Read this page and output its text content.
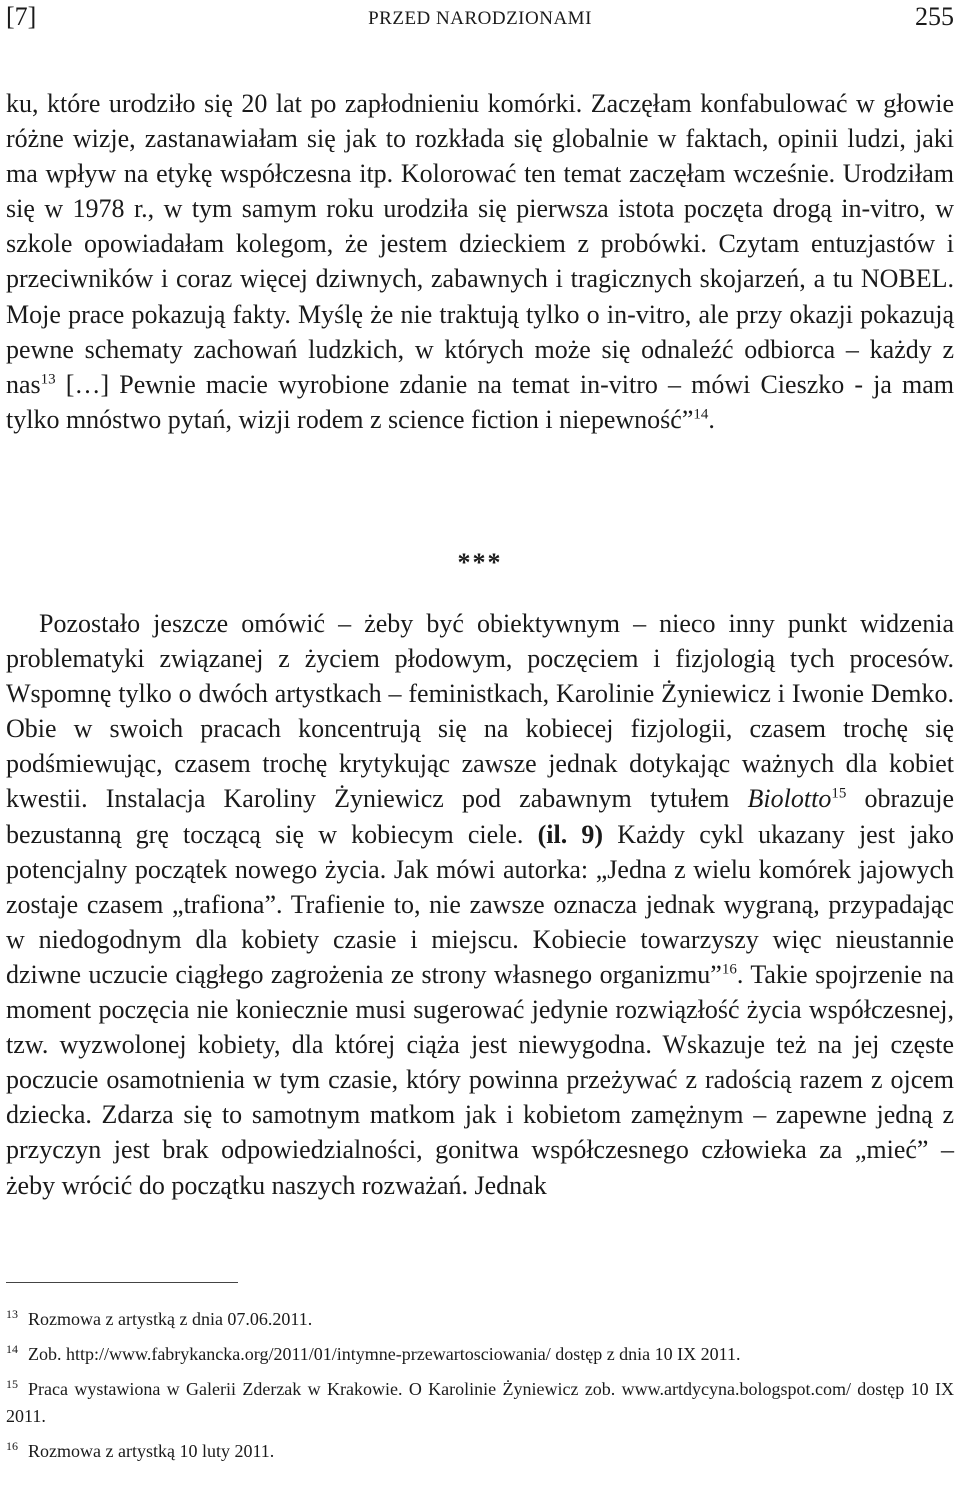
[7]	PRZED NARODZIONAMI	255

ku, które urodziło się 20 lat po zapłodnieniu komórki. Zaczęłam konfabulować w głowie różne wizje, zastanawiałam się jak to rozkłada się globalnie w faktach, opinii ludzi, jaki ma wpływ na etykę współczesna itp. Kolorować ten temat zaczęłam wcześnie. Urodziłam się w 1978 r., w tym samym roku urodziła się pierwsza istota poczęta drogą in-vitro, w szkole opowiadałam kolegom, że jestem dzieckiem z probówki. Czytam entuzjastów i przeciwników i coraz więcej dziwnych, zabawnych i tragicznych skojarzeń, a tu NOBEL. Moje prace pokazują fakty. Myślę że nie traktują tylko o in-vitro, ale przy okazji pokazują pewne schematy zachowań ludzkich, w których może się odnaleźć odbiorca – każdy z nas$^{13}$ […] Pewnie macie wyrobione zdanie na temat in-vitro – mówi Cieszko - ja mam tylko mnóstwo pytań, wizji rodem z science fiction i niepewność”$^{14}$.

***

Pozostało jeszcze omówić – żeby być obiektywnym – nieco inny punkt widzenia problematyki związanej z życiem płodowym, poczęciem i fizjologią tych procesów. Wspomnę tylko o dwóch artystkach – feministkach, Karolinie Żyniewicz i Iwonie Demko. Obie w swoich pracach koncentrują się na kobiecej fizjologii, czasem trochę się podśmiewując, czasem trochę krytykując zawsze jednak dotykając ważnych dla kobiet kwestii. Instalacja Karoliny Żyniewicz pod zabawnym tytułem Biolotto$^{15}$ obrazuje bezustanną grę toczącą się w kobiecym ciele. (il. 9) Każdy cykl ukazany jest jako potencjalny początek nowego życia. Jak mówi autorka: „Jedna z wielu komórek jajowych zostaje czasem „trafiona”. Trafienie to, nie zawsze oznacza jednak wygraną, przypadając w niedogodnym dla kobiety czasie i miejscu. Kobiecie towarzyszy więc nieustannie dziwne uczucie ciągłego zagrożenia ze strony własnego organizmu”$^{16}$. Takie spojrzenie na moment poczęcia nie koniecznie musi sugerować jedynie rozwiązłość życia współczesnej, tzw. wyzwolonej kobiety, dla której ciąża jest niewygodna. Wskazuje też na jej częste poczucie osamotnienia w tym czasie, który powinna przeżywać z radością razem z ojcem dziecka. Zdarza się to samotnym matkom jak i kobietom zamężnym – zapewne jedną z przyczyn jest brak odpowiedzialności, gonitwa współczesnego człowieka za „mieć” – żeby wrócić do początku naszych rozważań. Jednak

$^{13}$ Rozmowa z artystką z dnia 07.06.2011.

$^{14}$ Zob. http://www.fabrykancka.org/2011/01/intymne-przewartosciowania/ dostęp z dnia 10 IX 2011.

$^{15}$ Praca wystawiona w Galerii Zderzak w Krakowie. O Karolinie Żyniewicz zob. www.artdycyna.bologspot.com/ dostęp 10 IX 2011.

$^{16}$ Rozmowa z artystką 10 luty 2011.
